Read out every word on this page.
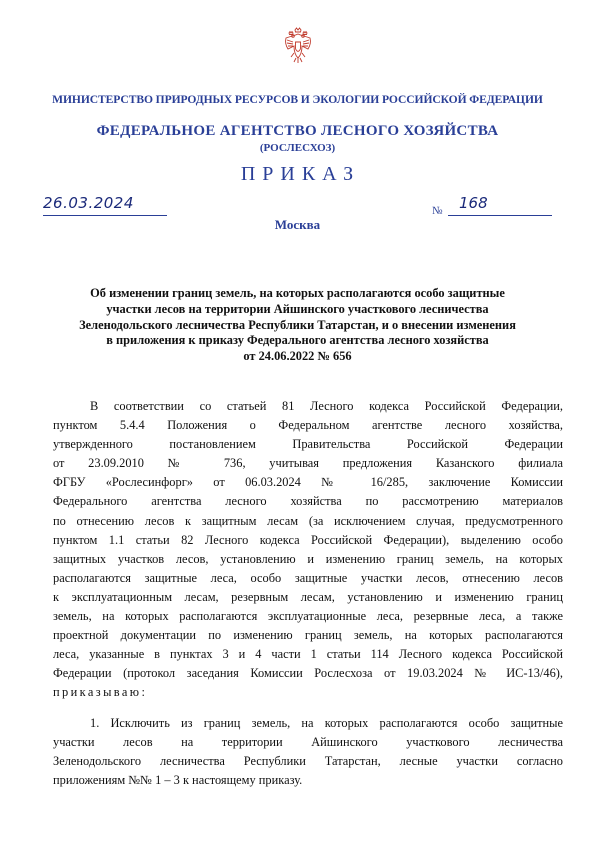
МИНИСТЕРСТВО ПРИРОДНЫХ РЕСУРСОВ И ЭКОЛОГИИ РОССИЙСКОЙ ФЕДЕРАЦИИ
ФЕДЕРАЛЬНОЕ АГЕНТСТВО ЛЕСНОГО ХОЗЯЙСТВА
(РОСЛЕСХОЗ)
ПРИКАЗ
26.03.2024
Москва
№ 168
Об изменении границ земель, на которых располагаются особо защитные
участки лесов на территории Айшинского участкового лесничества
Зеленодольского лесничества Республики Татарстан, и о внесении изменения
в приложения к приказу Федерального агентства лесного хозяйства
от 24.06.2022 № 656
В соответствии со статьей 81 Лесного кодекса Российской Федерации,
пунктом 5.4.4 Положения о Федеральном агентстве лесного хозяйства,
утвержденного постановлением Правительства Российской Федерации
от 23.09.2010 № 736, учитывая предложения Казанского филиала
ФГБУ «Рослесинфорг» от 06.03.2024 № 16/285, заключение Комиссии
Федерального агентства лесного хозяйства по рассмотрению материалов
по отнесению лесов к защитным лесам (за исключением случая, предусмотренного
пунктом 1.1 статьи 82 Лесного кодекса Российской Федерации), выделению особо
защитных участков лесов, установлению и изменению границ земель, на которых
располагаются защитные леса, особо защитные участки лесов, отнесению лесов
к эксплуатационным лесам, резервным лесам, установлению и изменению границ
земель, на которых располагаются эксплуатационные леса, резервные леса, а также
проектной документации по изменению границ земель, на которых располагаются
леса, указанные в пунктах 3 и 4 части 1 статьи 114 Лесного кодекса Российской
Федерации (протокол заседания Комиссии Рослесхоза от 19.03.2024 № ИС-13/46),
приказываю:
1. Исключить из границ земель, на которых располагаются особо защитные
участки лесов на территории Айшинского участкового лесничества
Зеленодольского лесничества Республики Татарстан, лесные участки согласно
приложениям №№ 1 – 3 к настоящему приказу.
